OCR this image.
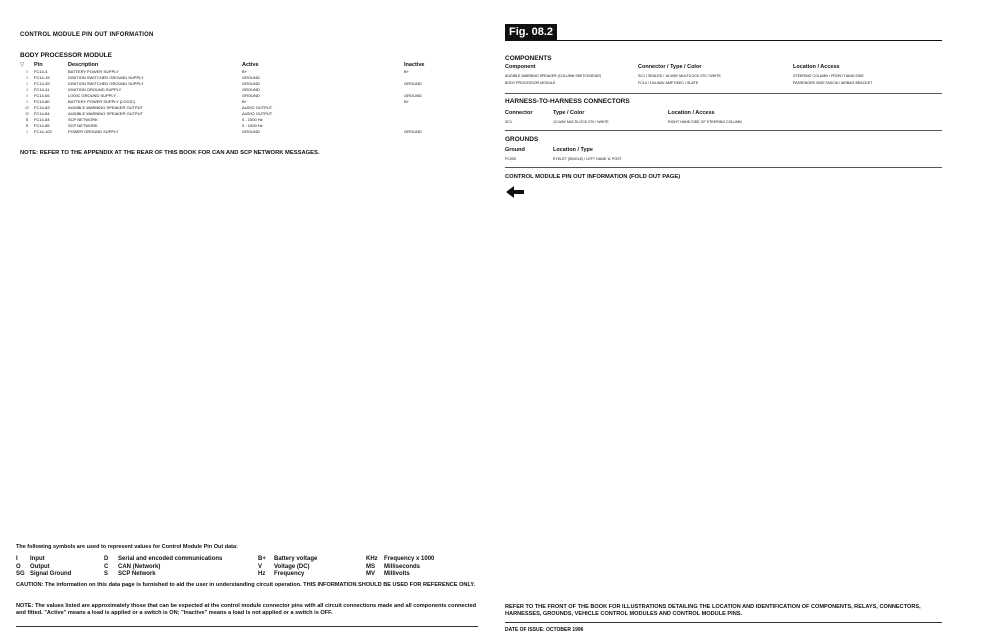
CONTROL MODULE PIN OUT INFORMATION
BODY PROCESSOR MODULE
▽	Pin	Description	Active	Inactive
I	FC14-4	BATTERY POWER SUPPLY	B+	B+
I	FC14-15	IGNITION SWITCHED GROUND SUPPLY	GROUND	
I	FC14-39	IGNITION SWITCHED GROUND SUPPLY	GROUND	GROUND
I	FC14-41	IGNITION GROUND SUPPLY	GROUND	
I	FC14-65	LOGIC GROUND SUPPLY	GROUND	GROUND
I	FC14-80	BATTERY POWER SUPPLY (LOGIC)	B+	B+
O	FC14-83	AUDIBLE WARNING SPEAKER OUTPUT	AUDIO OUTPUT	
O	FC14-84	AUDIBLE WARNING SPEAKER OUTPUT	AUDIO OUTPUT	
S	FC14-84	SCP NETWORK	0 - 1000 Hz	
S	FC14-85	SCP NETWORK	0 - 1000 Hz	
I	FC14-102	POWER GROUND SUPPLY	GROUND	GROUND
NOTE: REFER TO THE APPENDIX AT THE REAR OF THIS BOOK FOR CAN AND SCP NETWORK MESSAGES.
The following symbols are used to represent values for Control Module Pin Out data:
I	Input	D	Serial and encoded communications	B+	Battery voltage	KHz	Frequency x 1000
O	Output	C	CAN (Network)	V	Voltage (DC)	MS	Milliseconds
SG	Signal Ground	S	SCP Network	Hz	Frequency	MV	Millivolts
CAUTION: The information on this data page is furnished to aid the user in understanding circuit operation. THIS INFORMATION SHOULD BE USED FOR REFERENCE ONLY.
NOTE: The values listed are approximately those that can be expected at the control module connector pins with all circuit connections made and all components connected and fitted. "Active" means a load is applied or a switch is ON; "Inactive" means a load is not applied or a switch is OFF.
Fig. 08.2
COMPONENTS
Component	Connector / Type / Color	Location / Access
AUDIBLE WARNING SPEAKER (COLUMN SWITCHGEAR)	SC1 / SEALED / 16-WAY MULTILOCK 070 / WHITE	STEERING COLUMN / FRONT HAND SIDE
BODY PROCESSOR MODULE	FC14 / 104-WAY AMP EEEC / SLATE	PASSENGER SIDE FASCIA / AIRBAG BRACKET
HARNESS-TO-HARNESS CONNECTORS
Connector	Type / Color	Location / Access
SC1	12-WAY MULTILOCK 070 / WHITE	RIGHT HAND SIDE OF STEERING COLUMN
GROUNDS
Ground	Location / Type
FC005	EYELET (SINGLE) / LEFT HAND 'A' POST
CONTROL MODULE PIN OUT INFORMATION (FOLD OUT PAGE)
REFER TO THE FRONT OF THE BOOK FOR ILLUSTRATIONS DETAILING THE LOCATION AND IDENTIFICATION OF COMPONENTS, RELAYS, CONNECTORS, HARNESSES, GROUNDS, VEHICLE CONTROL MODULES AND CONTROL MODULE PINS.
DATE OF ISSUE: OCTOBER 1996
